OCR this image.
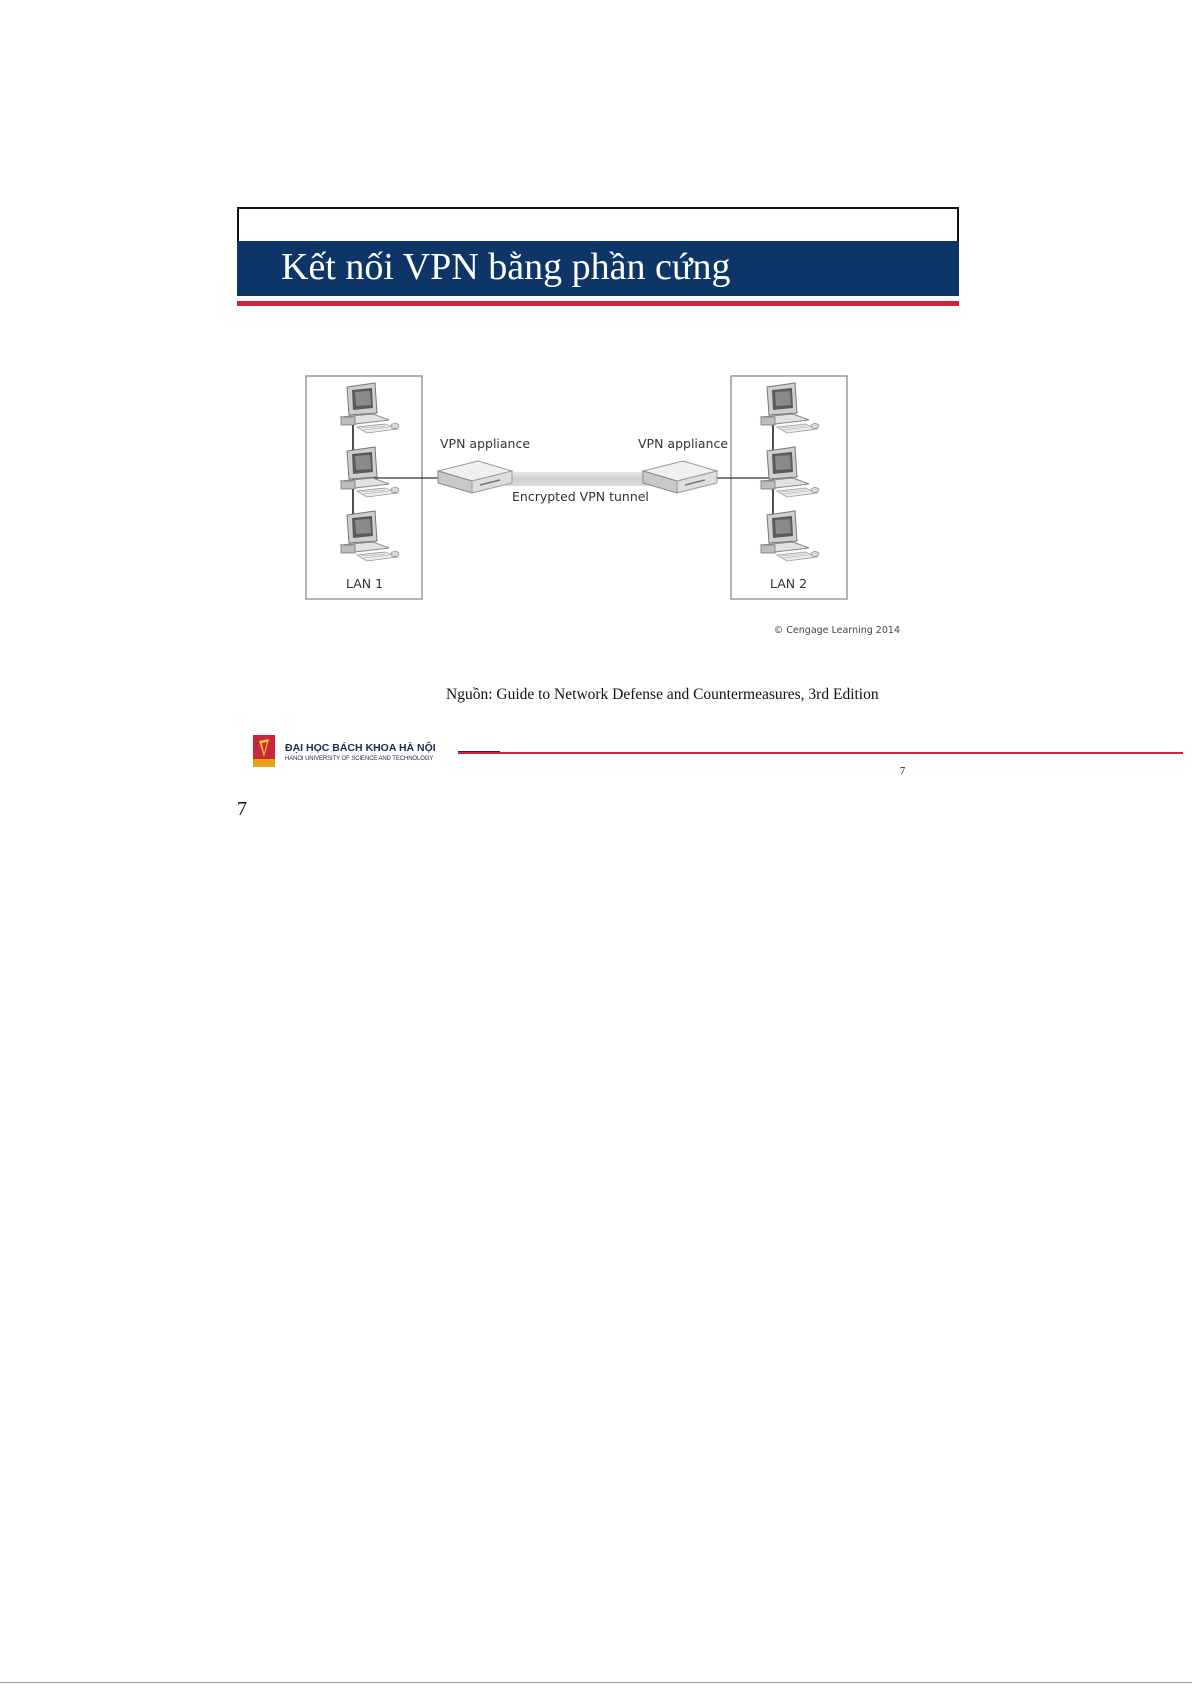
Kết nối VPN bằng phần cứng
LAN 1	LAN 2
VPN appliance	VPN appliance
Encrypted VPN tunnel
© Cengage Learning 2014
Nguồn: Guide to Network Defense and Countermeasures, 3rd Edition
ĐẠI HỌC BÁCH KHOA HÀ NỘI
HANOI UNIVERSITY OF SCIENCE AND TECHNOLOGY
7
7
